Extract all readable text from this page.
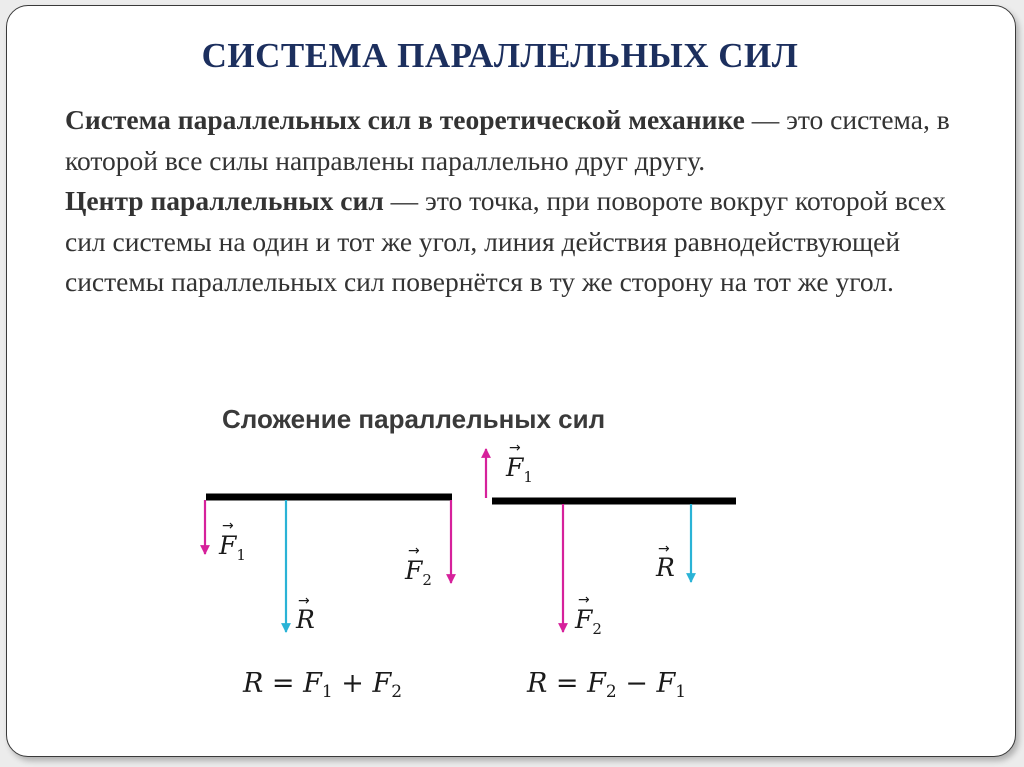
СИСТЕМА ПАРАЛЛЕЛЬНЫХ СИЛ

Система параллельных сил в теоретической механике — это система, в которой все силы направлены параллельно друг другу.

Центр параллельных сил — это точка, при повороте вокруг которой всех сил системы на один и тот же угол, линия действия равнодействующей системы параллельных сил повернётся в ту же сторону на тот же угол.

Сложение параллельных сил
$F_1$
→
$F_2$
→
R
→
$F_1$
→
$F_2$
→
R
→
$R = F_1 + F_2$	$R = F_2 - F_1$
